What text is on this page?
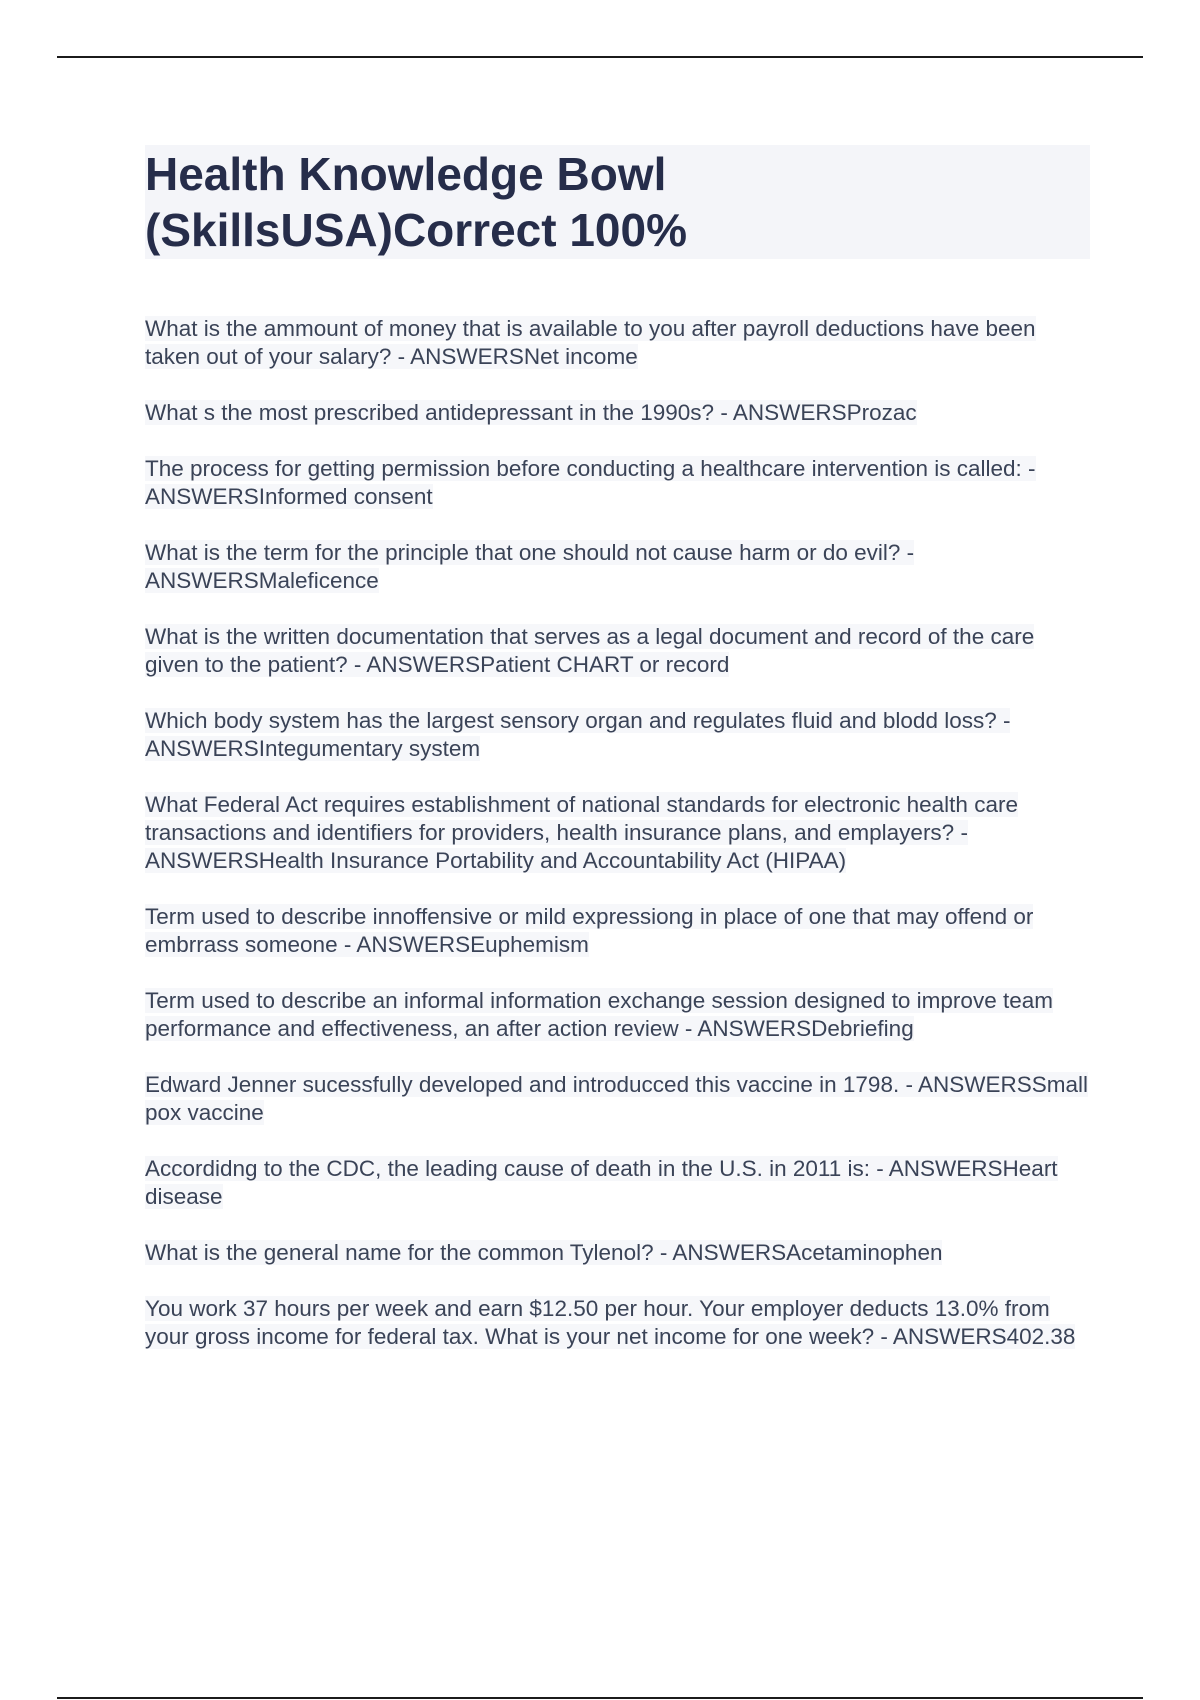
Health Knowledge Bowl
(SkillsUSA)Correct 100%
What is the ammount of money that is available to you after payroll deductions have been taken out of your salary? - ANSWERSNet income
What s the most prescribed antidepressant in the 1990s? - ANSWERSProzac
The process for getting permission before conducting a healthcare intervention is called: - ANSWERSInformed consent
What is the term for the principle that one should not cause harm or do evil? - ANSWERSMaleficence
What is the written documentation that serves as a legal document and record of the care given to the patient? - ANSWERSPatient CHART or record
Which body system has the largest sensory organ and regulates fluid and blodd loss? - ANSWERSIntegumentary system
What Federal Act requires establishment of national standards for electronic health care transactions and identifiers for providers, health insurance plans, and emplayers? - ANSWERSHealth Insurance Portability and Accountability Act (HIPAA)
Term used to describe innoffensive or mild expressiong in place of one that may offend or embrrass someone - ANSWERSEuphemism
Term used to describe an informal information exchange session designed to improve team performance and effectiveness, an after action review - ANSWERSDebriefing
Edward Jenner sucessfully developed and introducced this vaccine in 1798. - ANSWERSSmall pox vaccine
Accordidng to the CDC, the leading cause of death in the U.S. in 2011 is: - ANSWERSHeart disease
What is the general name for the common Tylenol? - ANSWERSAcetaminophen
You work 37 hours per week and earn $12.50 per hour. Your employer deducts 13.0% from your gross income for federal tax. What is your net income for one week? - ANSWERS402.38
